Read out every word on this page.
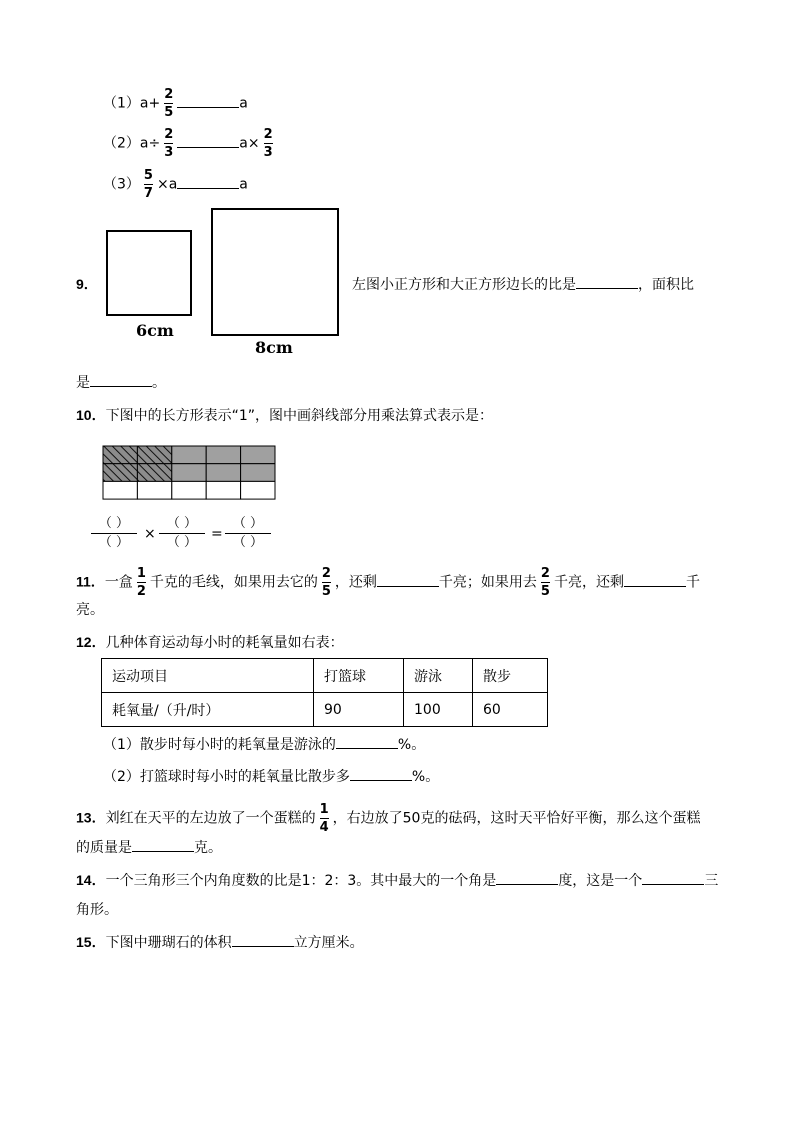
$(1)a+ \frac{2}{5}$	a
$(2)a\div \frac{2}{3}$	$a\times \frac{2}{3}$
$(3) \frac{5}{7} \times a$	a
9．
6cm
8cm
左图小正方形和大正方形边长的比是	，面积比
是	。
10．下图中的长方形表示“1”，图中画斜线部分用乘法算式表示是：
（ ）
（ ）
×
（ ）
（ ）
=
（ ）
（ ）
11．一盒 $\frac{1}{2}$ 千克的毛线，如果用去它的 $\frac{2}{5}$ ，还剩	千亮；如果用去 $\frac{2}{5}$ 千亮，还剩	千
亮。
12．几种体育运动每小时的耗氧量如右表：
运动项目	打篮球	游泳	散步
耗氧量/（升/时）	90	100	60
（1）散步时每小时的耗氧量是游泳的	%。
（2）打篮球时每小时的耗氧量比散步多	%。
13．刘红在天平的左边放了一个蛋糕的 $\frac{1}{4}$ ，右边放了50克的砝码，这时天平恰好平衡，那么这个蛋糕
的质量是	克。
14．一个三角形三个内角度数的比是1：2：3。其中最大的一个角是	度，这是一个	三
角形。
15．下图中珊瑚石的体积	立方厘米。
